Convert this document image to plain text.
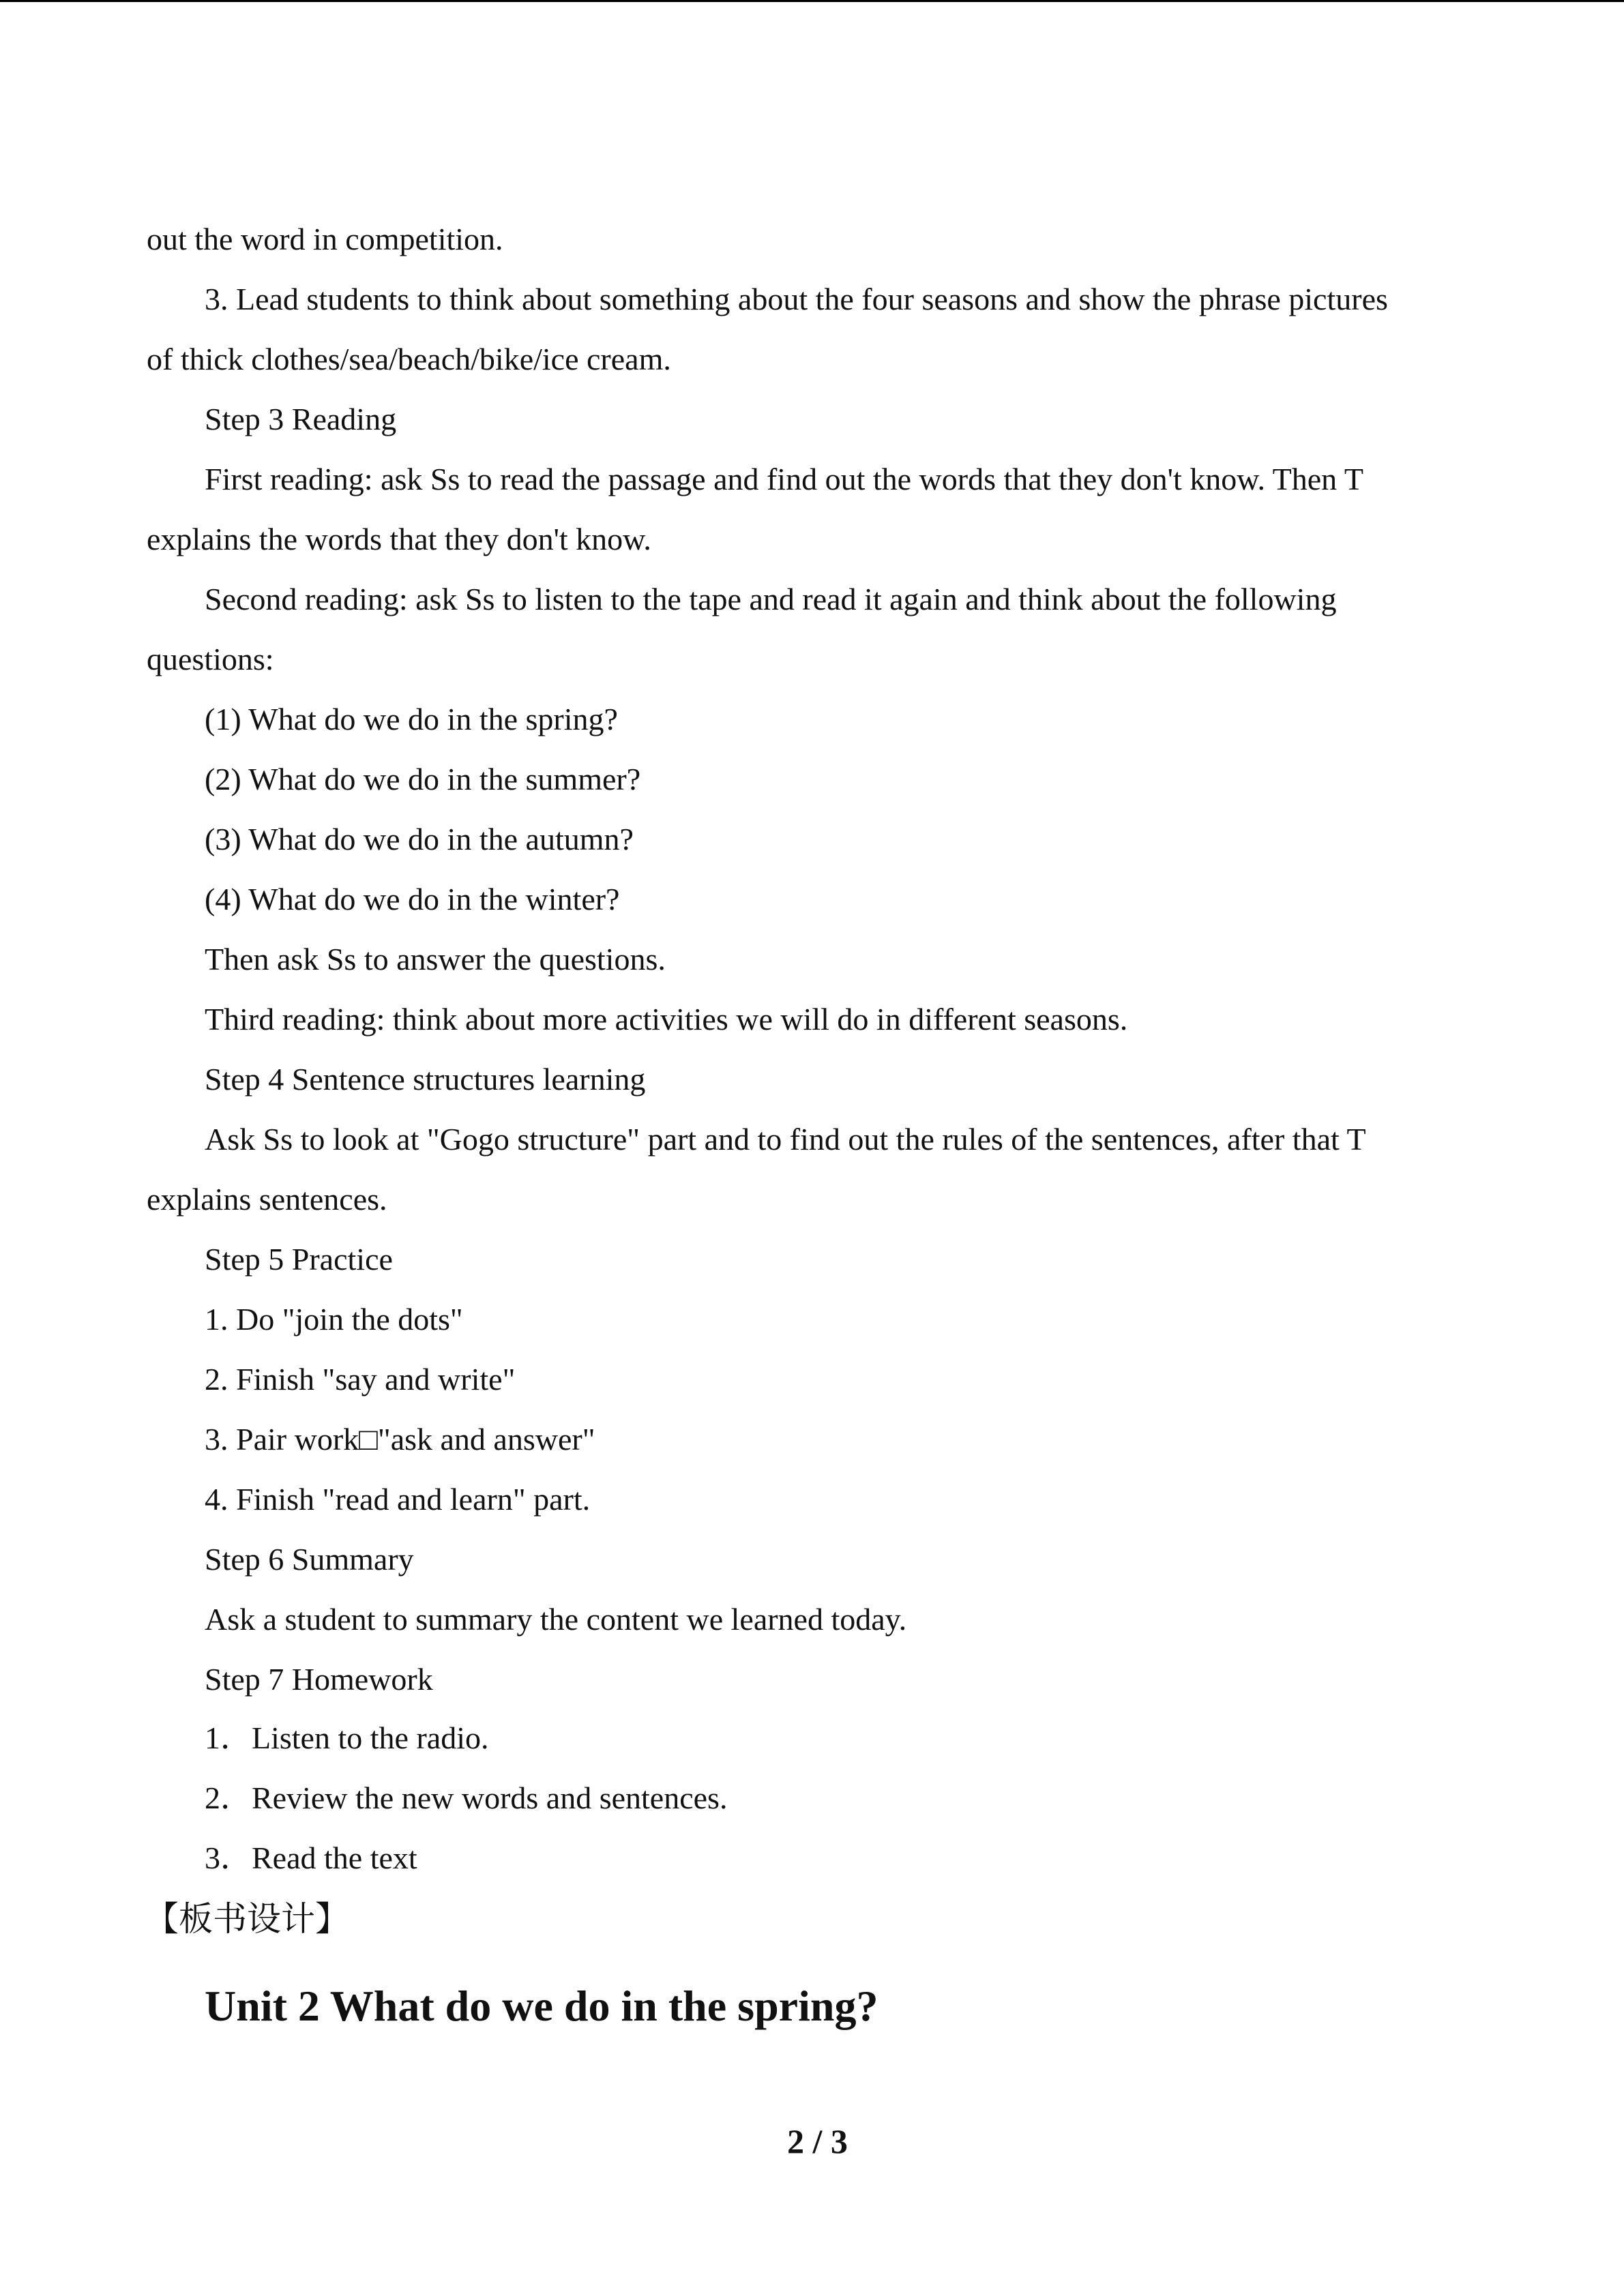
out the word in competition.
3. Lead students to think about something about the four seasons and show the phrase pictures
of thick clothes/sea/beach/bike/ice cream.
Step 3 Reading
First reading: ask Ss to read the passage and find out the words that they don't know. Then T
explains the words that they don't know.
Second reading: ask Ss to listen to the tape and read it again and think about the following
questions:
(1) What do we do in the spring?
(2) What do we do in the summer?
(3) What do we do in the autumn?
(4) What do we do in the winter?
Then ask Ss to answer the questions.
Third reading: think about more activities we will do in different seasons.
Step 4 Sentence structures learning
Ask Ss to look at "Gogo structure" part and to find out the rules of the sentences, after that T
explains sentences.
Step 5 Practice
1. Do "join the dots"
2. Finish "say and write"
3. Pair work□"ask and answer"
4. Finish "read and learn" part.
Step 6 Summary
Ask a student to summary the content we learned today.
Step 7 Homework
1．Listen to the radio.
2．Review the new words and sentences.
3．Read the text
【板书设计】
Unit 2 What do we do in the spring?
2 / 3
